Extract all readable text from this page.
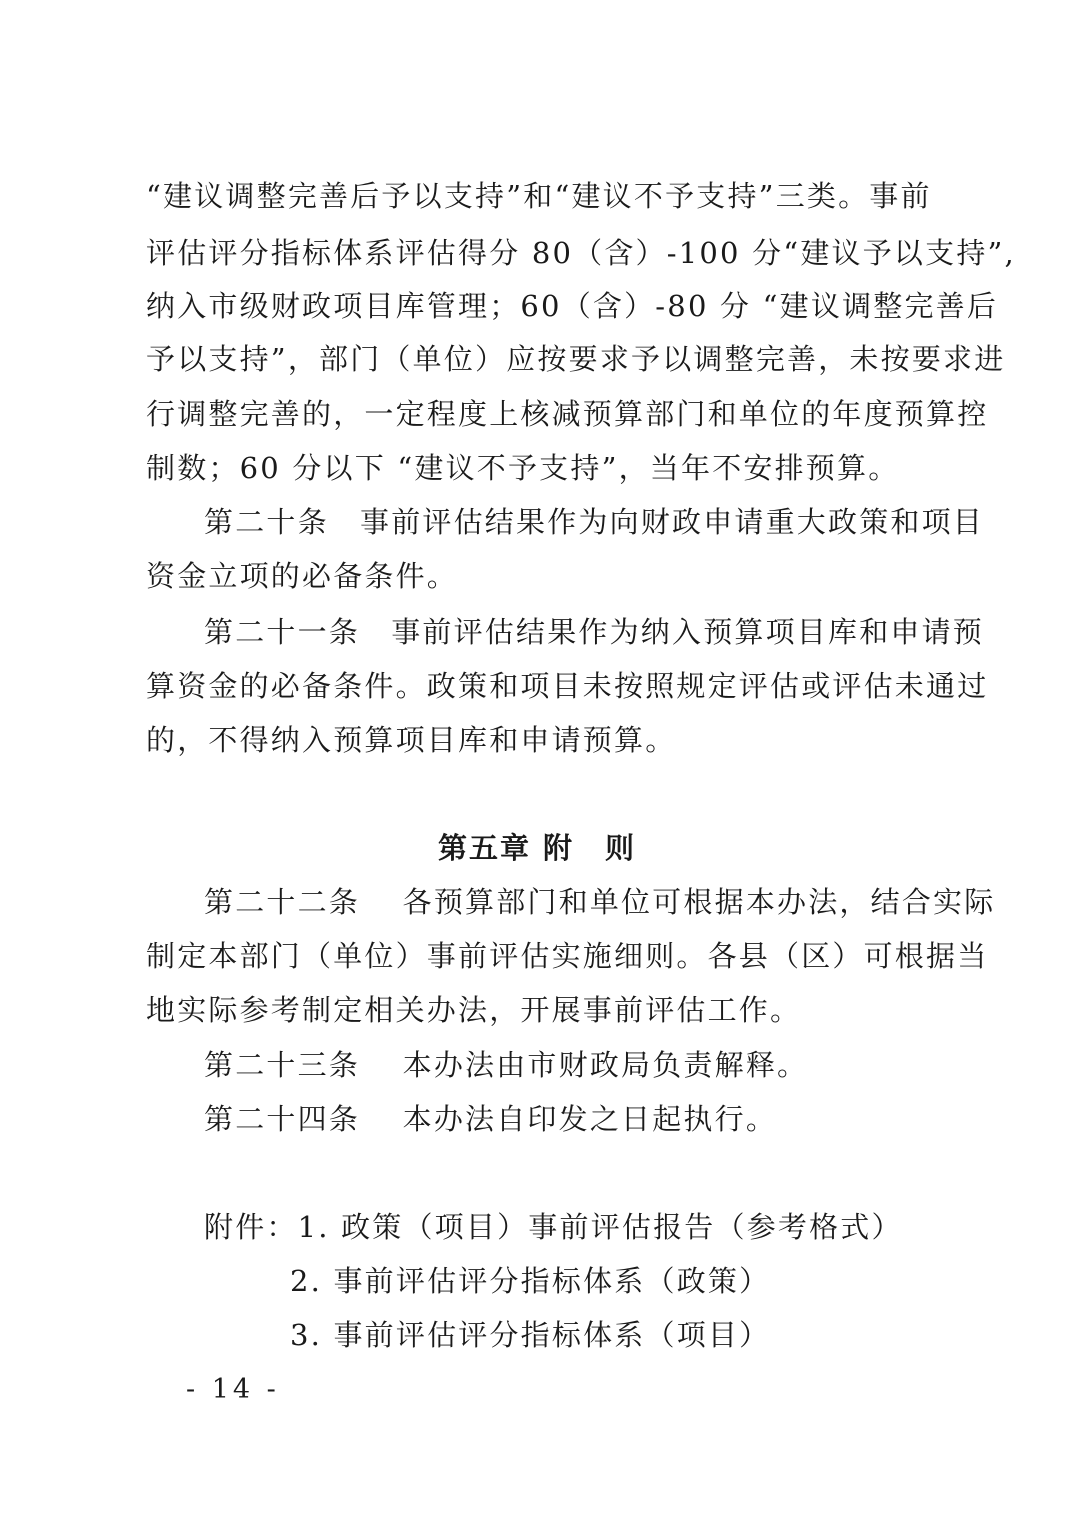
“建议调整完善后予以支持”和“建议不予支持”三类。事前
评估评分指标体系评估得分 80（含）-100 分“建议予以支持”,
纳入市级财政项目库管理；60（含）-80 分 “建议调整完善后
予以支持”，部门（单位）应按要求予以调整完善，未按要求进
行调整完善的，一定程度上核减预算部门和单位的年度预算控
制数；60 分以下 “建议不予支持”，当年不安排预算。
第二十条　事前评估结果作为向财政申请重大政策和项目
资金立项的必备条件。
第二十一条　事前评估结果作为纳入预算项目库和申请预
算资金的必备条件。政策和项目未按照规定评估或评估未通过
的，不得纳入预算项目库和申请预算。
第五章 附　则
第二十二条　 各预算部门和单位可根据本办法，结合实际
制定本部门（单位）事前评估实施细则。各县（区）可根据当
地实际参考制定相关办法，开展事前评估工作。
第二十三条　 本办法由市财政局负责解释。
第二十四条　 本办法自印发之日起执行。
附件：1. 政策（项目）事前评估报告（参考格式）
2. 事前评估评分指标体系（政策）
3. 事前评估评分指标体系（项目）
- 14 -
